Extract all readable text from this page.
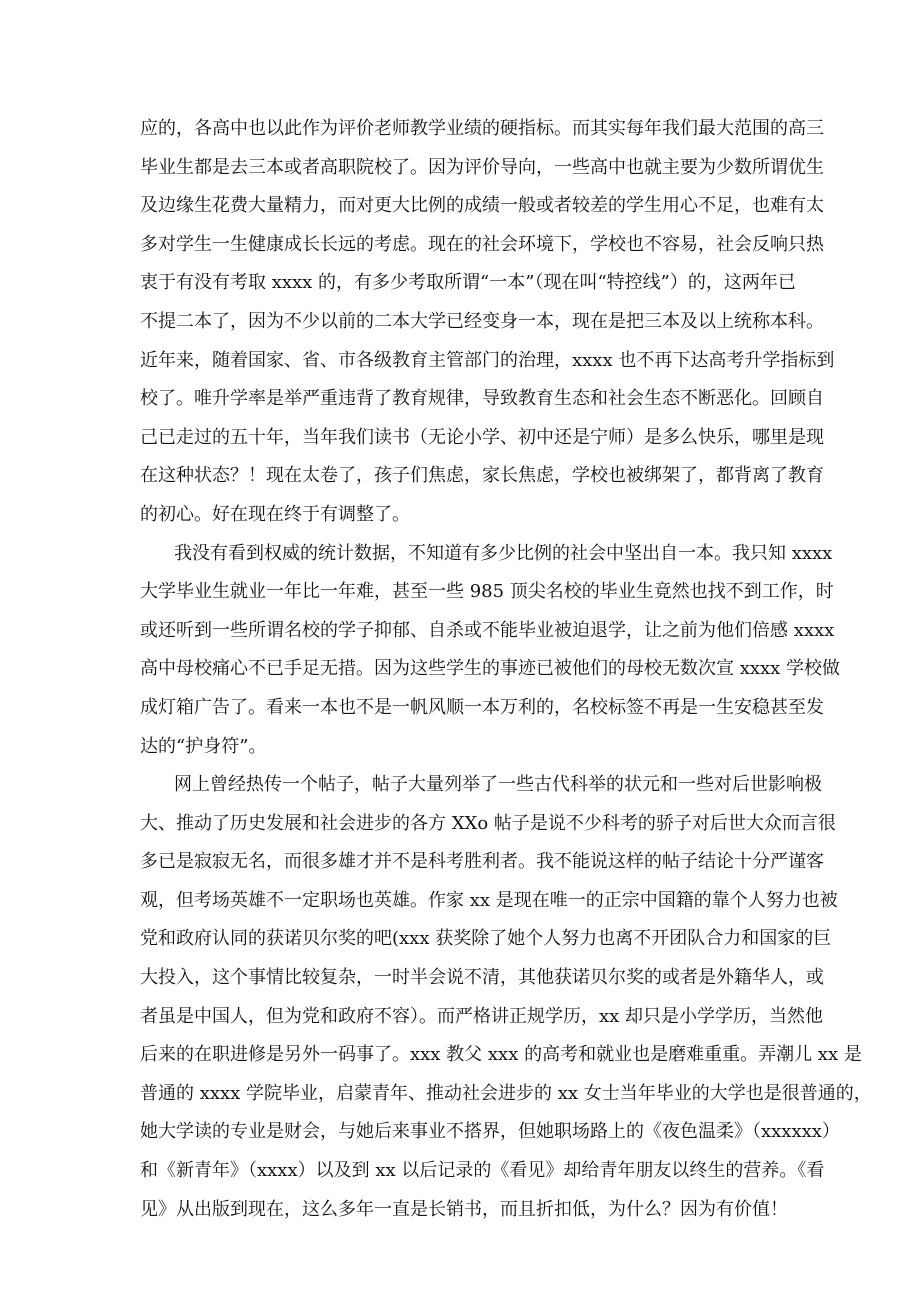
应的，各高中也以此作为评价老师教学业绩的硬指标。而其实每年我们最大范围的高三
毕业生都是去三本或者高职院校了。因为评价导向，一些高中也就主要为少数所谓优生
及边缘生花费大量精力，而对更大比例的成绩一般或者较差的学生用心不足，也难有太
多对学生一生健康成长长远的考虑。现在的社会环境下，学校也不容易，社会反响只热
衷于有没有考取 xxxx 的，有多少考取所谓“一本”（现在叫“特控线”）的，这两年已
不提二本了，因为不少以前的二本大学已经变身一本，现在是把三本及以上统称本科。
近年来，随着国家、省、市各级教育主管部门的治理，xxxx 也不再下达高考升学指标到
校了。唯升学率是举严重违背了教育规律，导致教育生态和社会生态不断恶化。回顾自
己已走过的五十年，当年我们读书（无论小学、初中还是宁师）是多么快乐，哪里是现
在这种状态？！现在太卷了，孩子们焦虑，家长焦虑，学校也被绑架了，都背离了教育
的初心。好在现在终于有调整了。
我没有看到权威的统计数据，不知道有多少比例的社会中坚出自一本。我只知 xxxx
大学毕业生就业一年比一年难，甚至一些 985 顶尖名校的毕业生竟然也找不到工作，时
或还听到一些所谓名校的学子抑郁、自杀或不能毕业被迫退学，让之前为他们倍感 xxxx
高中母校痛心不已手足无措。因为这些学生的事迹已被他们的母校无数次宣 xxxx 学校做
成灯箱广告了。看来一本也不是一帆风顺一本万利的，名校标签不再是一生安稳甚至发
达的“护身符”。
网上曾经热传一个帖子，帖子大量列举了一些古代科举的状元和一些对后世影响极
大、推动了历史发展和社会进步的各方 XXo 帖子是说不少科考的骄子对后世大众而言很
多已是寂寂无名，而很多雄才并不是科考胜利者。我不能说这样的帖子结论十分严谨客
观，但考场英雄不一定职场也英雄。作家 xx 是现在唯一的正宗中国籍的靠个人努力也被
党和政府认同的获诺贝尔奖的吧(xxx 获奖除了她个人努力也离不开团队合力和国家的巨
大投入，这个事情比较复杂，一时半会说不清，其他获诺贝尔奖的或者是外籍华人，或
者虽是中国人，但为党和政府不容）。而严格讲正规学历，xx 却只是小学学历，当然他
后来的在职进修是另外一码事了。xxx 教父 xxx 的高考和就业也是磨难重重。弄潮儿 xx 是
普通的 xxxx 学院毕业，启蒙青年、推动社会进步的 xx 女士当年毕业的大学也是很普通的，
她大学读的专业是财会，与她后来事业不搭界，但她职场路上的《夜色温柔》（xxxxxx）
和《新青年》（xxxx）以及到 xx 以后记录的《看见》却给青年朋友以终生的营养。《看
见》从出版到现在，这么多年一直是长销书，而且折扣低，为什么？因为有价值！
